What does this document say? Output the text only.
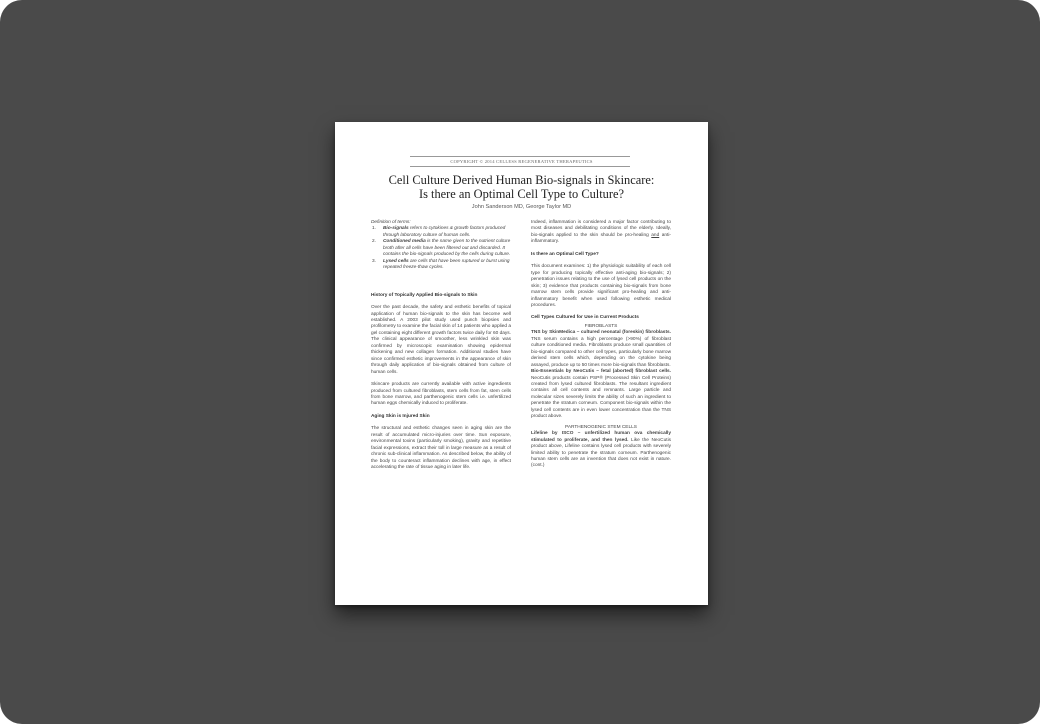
COPYRIGHT © 2014 CELLESS REGENERATIVE THERAPEUTICS
Cell Culture Derived Human Bio-signals in Skincare:
Is there an Optimal Cell Type to Culture?
John Sanderson MD, George Taylor MD

Definition of terms:

1. Bio-signals refers to cytokines & growth factors produced through laboratory culture of human cells.
2. Conditioned media is the name given to the nutrient culture broth after all cells have been filtered out and discarded. It contains the bio-signals produced by the cells during culture.
3. Lysed cells are cells that have been ruptured or burst using repeated freeze-thaw cycles.

History of Topically Applied Bio-signals to Skin

Over the past decade, the safety and esthetic benefits of topical application of human bio-signals to the skin has become well established. A 2003 pilot study used punch biopsies and profilometry to examine the facial skin of 14 patients who applied a gel containing eight different growth factors twice daily for 60 days. The clinical appearance of smoother, less wrinkled skin was confirmed by microscopic examination showing epidermal thickening and new collagen formation. Additional studies have since confirmed esthetic improvements in the appearance of skin through daily application of bio-signals obtained from culture of human cells.

Skincare products are currently available with active ingredients produced from cultured fibroblasts, stem cells from fat, stem cells from bone marrow, and parthenogenic stem cells i.e. unfertilized human eggs chemically induced to proliferate.

Aging Skin is Injured Skin

The structural and esthetic changes seen in aging skin are the result of accumulated micro-injuries over time. Sun exposure, environmental toxins (particularly smoking), gravity and repetitive facial expressions, extract their toll in large measure as a result of chronic sub-clinical inflammation. As described below, the ability of the body to counteract inflammation declines with age, in effect accelerating the rate of tissue aging in later life.

Indeed, inflammation is considered a major factor contributing to most diseases and debilitating conditions of the elderly. Ideally, bio-signals applied to the skin should be pro-healing and anti-inflammatory.

Is there an Optimal Cell Type?

This document examines: 1) the physiologic suitability of each cell type for producing topically effective anti-aging bio-signals; 2) penetration issues relating to the use of lysed cell products on the skin; 3) evidence that products containing bio-signals from bone marrow stem cells provide significant pro-healing and anti-inflammatory benefit when used following esthetic medical procedures.

Cell Types Cultured for Use in Current Products

FIBROBLASTS

TNS by SkinMedica – cultured neonatal (foreskin) fibroblasts. TNS serum contains a high percentage (>90%) of fibroblast culture conditioned media. Fibroblasts produce small quantities of bio-signals compared to other cell types, particularly bone marrow derived stem cells which, depending on the cytokine being assayed, produce up to 50 times more bio-signals than fibroblasts.

Bio-Essentials by NeoCutis – fetal (aborted) fibroblast cells. NeoCutis products contain PSP® (Processed Skin Cell Proteins) created from lysed cultured fibroblasts. The resultant ingredient contains all cell contents and remnants. Large particle and molecular sizes severely limits the ability of such an ingredient to penetrate the stratum corneum. Component bio-signals within the lysed cell contents are in even lower concentration than the TNS product above.

PARTHENOGENIC STEM CELLS

Lifeline by ISCO – unfertilized human ova chemically stimulated to proliferate, and then lysed. Like the NeoCutis product above, Lifeline contains lysed cell products with severely limited ability to penetrate the stratum corneum. Parthenogenic human stem cells are an invention that does not exist in nature. (cont.)
